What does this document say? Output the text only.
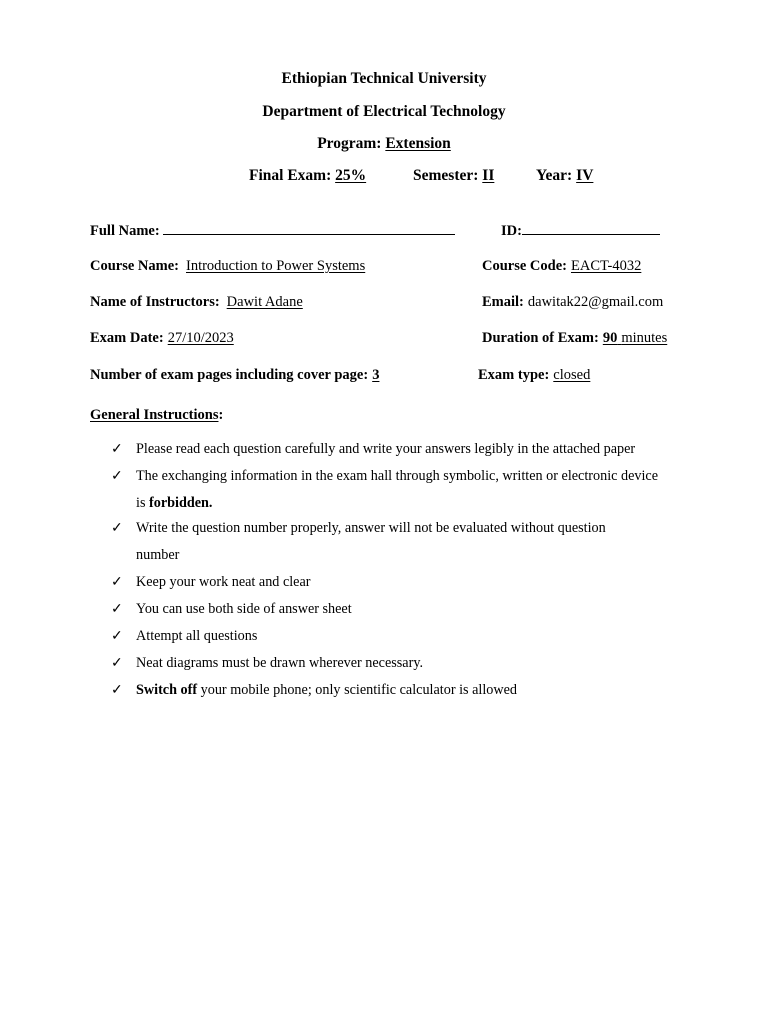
Ethiopian Technical University
Department of Electrical Technology
Program: Extension
Final Exam: 25%	Semester: II	Year: IV
Full Name:	ID:
Course Name: Introduction to Power Systems	Course Code: EACT-4032
Name of Instructors: Dawit Adane	Email: dawitak22@gmail.com
Exam Date: 27/10/2023	Duration of Exam: 90 minutes
Number of exam pages including cover page: 3	Exam type: closed
General Instructions:
✓ Please read each question carefully and write your answers legibly in the attached paper
✓ The exchanging information in the exam hall through symbolic, written or electronic device
is forbidden.
✓ Write the question number properly, answer will not be evaluated without question
number
✓ Keep your work neat and clear
✓ You can use both side of answer sheet
✓ Attempt all questions
✓ Neat diagrams must be drawn wherever necessary.
✓ Switch off your mobile phone; only scientific calculator is allowed
